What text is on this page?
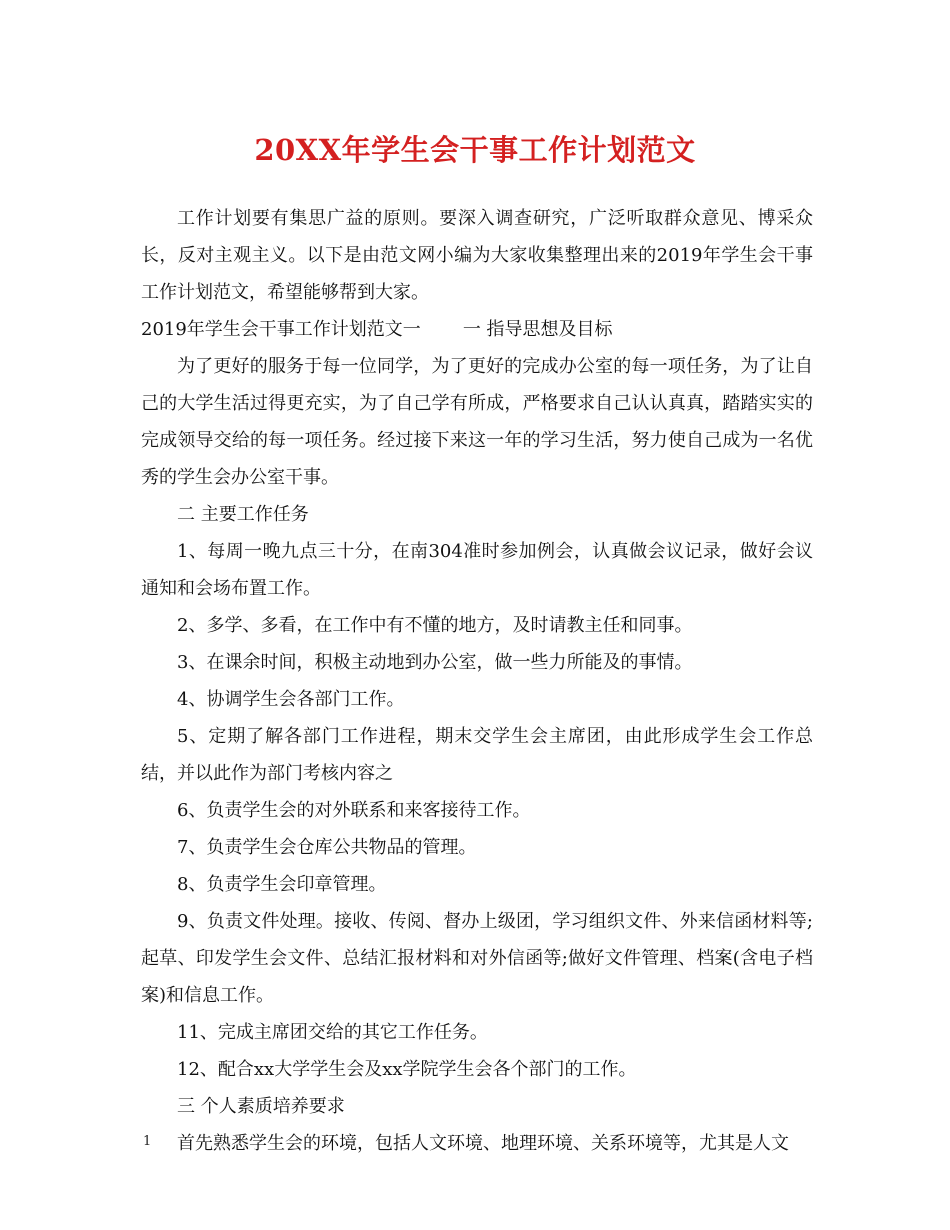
20XX年学生会干事工作计划范文

工作计划要有集思广益的原则。要深入调查研究，广泛听取群众意见、博采众长，反对主观主义。以下是由范文网小编为大家收集整理出来的2019年学生会干事工作计划范文，希望能够帮到大家。

2019年学生会干事工作计划范文一 一 指导思想及目标

为了更好的服务于每一位同学，为了更好的完成办公室的每一项任务，为了让自己的大学生活过得更充实，为了自己学有所成，严格要求自己认认真真，踏踏实实的完成领导交给的每一项任务。经过接下来这一年的学习生活，努力使自己成为一名优秀的学生会办公室干事。

二 主要工作任务

1、每周一晚九点三十分，在南304准时参加例会，认真做会议记录，做好会议通知和会场布置工作。

2、多学、多看，在工作中有不懂的地方，及时请教主任和同事。

3、在课余时间，积极主动地到办公室，做一些力所能及的事情。

4、协调学生会各部门工作。

5、定期了解各部门工作进程，期末交学生会主席团，由此形成学生会工作总结，并以此作为部门考核内容之

6、负责学生会的对外联系和来客接待工作。

7、负责学生会仓库公共物品的管理。

8、负责学生会印章管理。

9、负责文件处理。接收、传阅、督办上级团，学习组织文件、外来信函材料等;起草、印发学生会文件、总结汇报材料和对外信函等;做好文件管理、档案(含电子档案)和信息工作。

11、完成主席团交给的其它工作任务。

12、配合xx大学学生会及xx学院学生会各个部门的工作。

三 个人素质培养要求

首先熟悉学生会的环境，包括人文环境、地理环境、关系环境等，尤其是人文

1
